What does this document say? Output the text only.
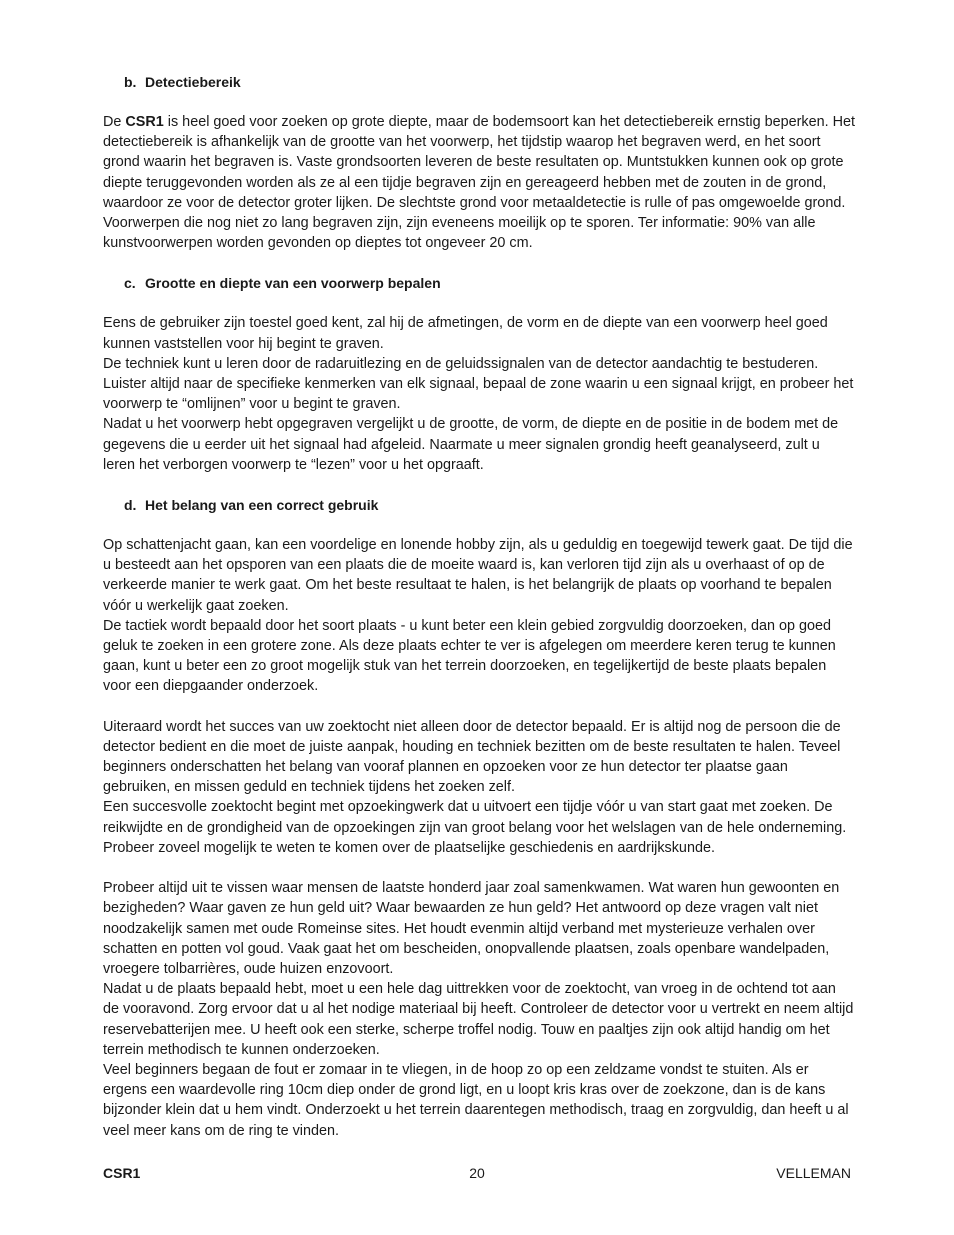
b. Detectiebereik

De CSR1 is heel goed voor zoeken op grote diepte, maar de bodemsoort kan het detectiebereik ernstig beperken. Het detectiebereik is afhankelijk van de grootte van het voorwerp, het tijdstip waarop het begraven werd, en het soort grond waarin het begraven is. Vaste grondsoorten leveren de beste resultaten op. Muntstukken kunnen ook op grote diepte teruggevonden worden als ze al een tijdje begraven zijn en gereageerd hebben met de zouten in de grond, waardoor ze voor de detector groter lijken. De slechtste grond voor metaaldetectie is rulle of pas omgewoelde grond. Voorwerpen die nog niet zo lang begraven zijn, zijn eveneens moeilijk op te sporen. Ter informatie: 90% van alle kunstvoorwerpen worden gevonden op dieptes tot ongeveer 20 cm.

c. Grootte en diepte van een voorwerp bepalen

Eens de gebruiker zijn toestel goed kent, zal hij de afmetingen, de vorm en de diepte van een voorwerp heel goed kunnen vaststellen voor hij begint te graven.

De techniek kunt u leren door de radaruitlezing en de geluidssignalen van de detector aandachtig te bestuderen. Luister altijd naar de specifieke kenmerken van elk signaal, bepaal de zone waarin u een signaal krijgt, en probeer het voorwerp te “omlijnen” voor u begint te graven.

Nadat u het voorwerp hebt opgegraven vergelijkt u de grootte, de vorm, de diepte en de positie in de bodem met de gegevens die u eerder uit het signaal had afgeleid. Naarmate u meer signalen grondig heeft geanalyseerd, zult u leren het verborgen voorwerp te “lezen” voor u het opgraaft.

d. Het belang van een correct gebruik

Op schattenjacht gaan, kan een voordelige en lonende hobby zijn, als u geduldig en toegewijd tewerk gaat. De tijd die u besteedt aan het opsporen van een plaats die de moeite waard is, kan verloren tijd zijn als u overhaast of op de verkeerde manier te werk gaat. Om het beste resultaat te halen, is het belangrijk de plaats op voorhand te bepalen vóór u werkelijk gaat zoeken.

De tactiek wordt bepaald door het soort plaats - u kunt beter een klein gebied zorgvuldig doorzoeken, dan op goed geluk te zoeken in een grotere zone. Als deze plaats echter te ver is afgelegen om meerdere keren terug te kunnen gaan, kunt u beter een zo groot mogelijk stuk van het terrein doorzoeken, en tegelijkertijd de beste plaats bepalen voor een diepgaander onderzoek.

Uiteraard wordt het succes van uw zoektocht niet alleen door de detector bepaald. Er is altijd nog de persoon die de detector bedient en die moet de juiste aanpak, houding en techniek bezitten om de beste resultaten te halen. Teveel beginners onderschatten het belang van vooraf plannen en opzoeken voor ze hun detector ter plaatse gaan gebruiken, en missen geduld en techniek tijdens het zoeken zelf.

Een succesvolle zoektocht begint met opzoekingwerk dat u uitvoert een tijdje vóór u van start gaat met zoeken. De reikwijdte en de grondigheid van de opzoekingen zijn van groot belang voor het welslagen van de hele onderneming. Probeer zoveel mogelijk te weten te komen over de plaatselijke geschiedenis en aardrijkskunde.

Probeer altijd uit te vissen waar mensen de laatste honderd jaar zoal samenkwamen. Wat waren hun gewoonten en bezigheden? Waar gaven ze hun geld uit? Waar bewaarden ze hun geld? Het antwoord op deze vragen valt niet noodzakelijk samen met oude Romeinse sites. Het houdt evenmin altijd verband met mysterieuze verhalen over schatten en potten vol goud. Vaak gaat het om bescheiden, onopvallende plaatsen, zoals openbare wandelpaden, vroegere tolbarrières, oude huizen enzovoort.

Nadat u de plaats bepaald hebt, moet u een hele dag uittrekken voor de zoektocht, van vroeg in de ochtend tot aan de vooravond. Zorg ervoor dat u al het nodige materiaal bij heeft. Controleer de detector voor u vertrekt en neem altijd reservebatterijen mee. U heeft ook een sterke, scherpe troffel nodig. Touw en paaltjes zijn ook altijd handig om het terrein methodisch te kunnen onderzoeken.

Veel beginners begaan de fout er zomaar in te vliegen, in de hoop zo op een zeldzame vondst te stuiten. Als er ergens een waardevolle ring 10cm diep onder de grond ligt, en u loopt kris kras over de zoekzone, dan is de kans bijzonder klein dat u hem vindt. Onderzoekt u het terrein daarentegen methodisch, traag en zorgvuldig, dan heeft u al veel meer kans om de ring te vinden.

CSR1	20	VELLEMAN
